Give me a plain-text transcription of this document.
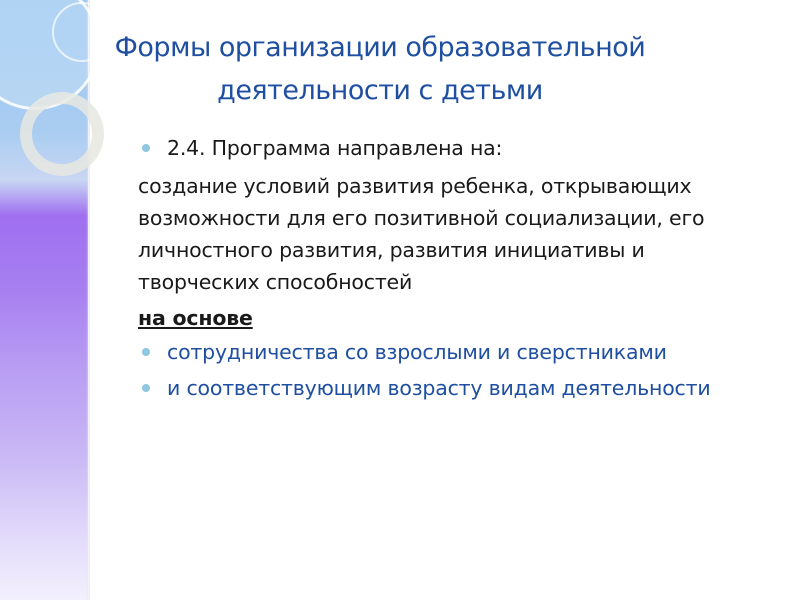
Формы организации образовательной
деятельности с детьми
2.4. Программа направлена на:
создание условий развития ребенка, открывающих возможности для его позитивной социализации, его личностного развития, развития инициативы и творческих способностей
на основе
сотрудничества со взрослыми и сверстниками
и соответствующим возрасту видам деятельности
